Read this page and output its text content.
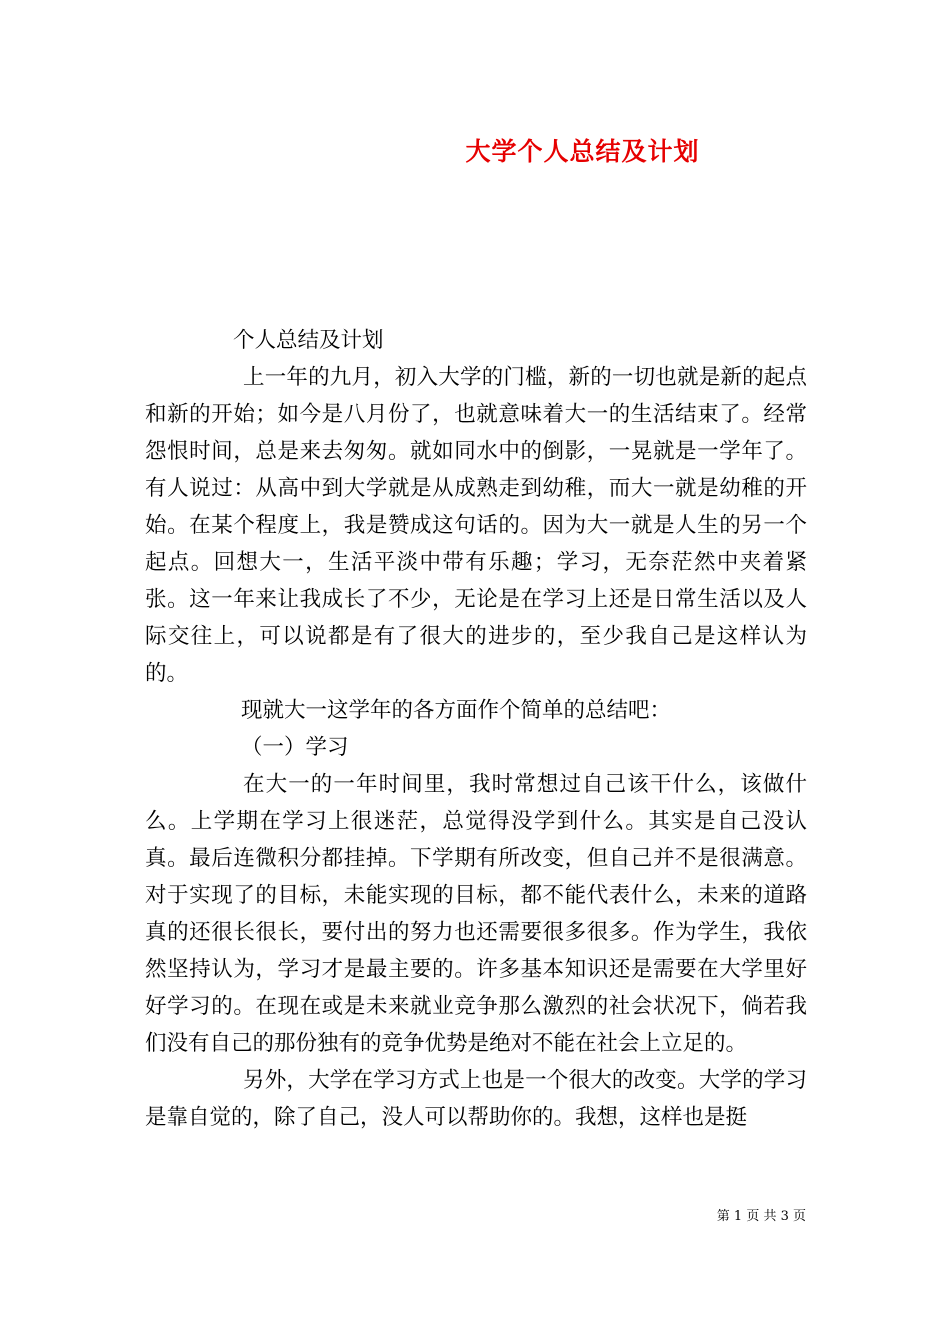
大学个人总结及计划

个人总结及计划

上一年的九月，初入大学的门槛，新的一切也就是新的起点和新的开始；如今是八月份了，也就意味着大一的生活结束了。经常怨恨时间，总是来去匆匆。就如同水中的倒影，一晃就是一学年了。有人说过：从高中到大学就是从成熟走到幼稚，而大一就是幼稚的开始。在某个程度上，我是赞成这句话的。因为大一就是人生的另一个起点。回想大一，生活平淡中带有乐趣；学习，无奈茫然中夹着紧张。这一年来让我成长了不少，无论是在学习上还是日常生活以及人际交往上，可以说都是有了很大的进步的，至少我自己是这样认为的。

现就大一这学年的各方面作个简单的总结吧：

（一）学习

在大一的一年时间里，我时常想过自己该干什么，该做什么。上学期在学习上很迷茫，总觉得没学到什么。其实是自己没认真。最后连微积分都挂掉。下学期有所改变，但自己并不是很满意。对于实现了的目标，未能实现的目标，都不能代表什么，未来的道路真的还很长很长，要付出的努力也还需要很多很多。作为学生，我依然坚持认为，学习才是最主要的。许多基本知识还是需要在大学里好好学习的。在现在或是未来就业竞争那么激烈的社会状况下，倘若我们没有自己的那份独有的竞争优势是绝对不能在社会上立足的。

另外，大学在学习方式上也是一个很大的改变。大学的学习是靠自觉的，除了自己，没人可以帮助你的。我想，这样也是挺

第 1 页 共 3 页
